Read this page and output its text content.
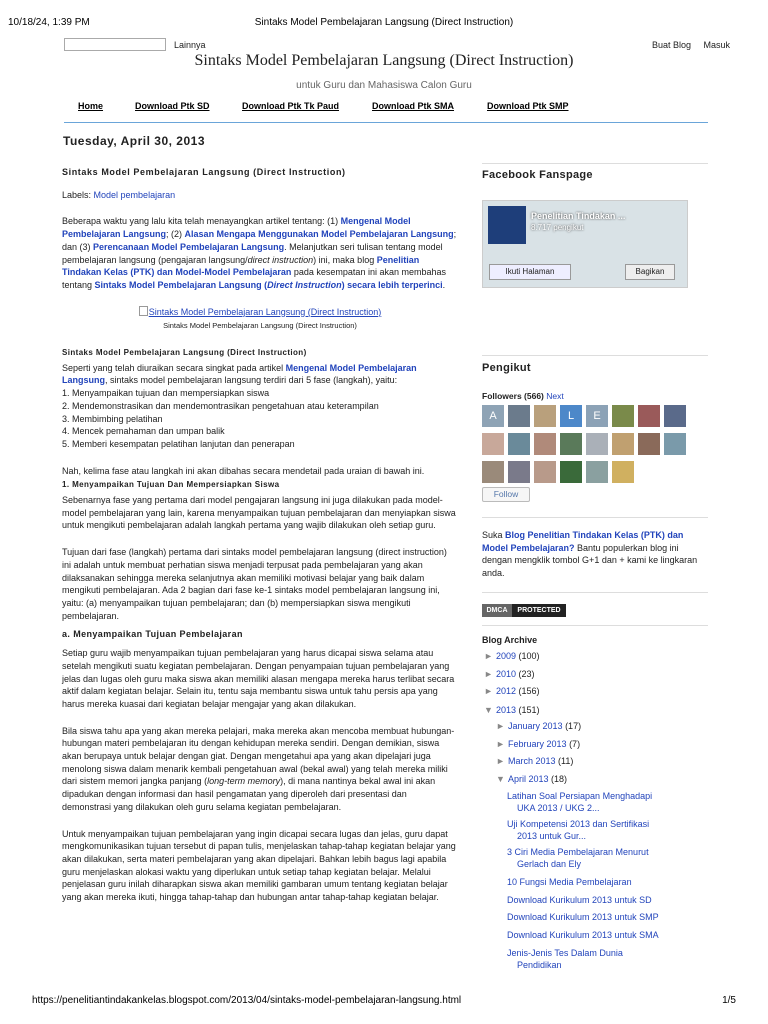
10/18/24, 1:39 PM	Sintaks Model Pembelajaran Langsung (Direct Instruction)
https://penelitiantindakankelas.blogspot.com/2013/04/sintaks-model-pembelajaran-langsung.html	1/5
Lainnya	Buat Blog Masuk
Sintaks Model Pembelajaran Langsung (Direct Instruction)
untuk Guru dan Mahasiswa Calon Guru
Home	Download Ptk SD	Download Ptk Tk Paud	Download Ptk SMA	Download Ptk SMP
Tuesday, April 30, 2013
Sintaks Model Pembelajaran Langsung (Direct Instruction)

Labels: Model pembelajaran

Beberapa waktu yang lalu kita telah menayangkan artikel tentang: (1) Mengenal Model Pembelajaran Langsung; (2) Alasan Mengapa Menggunakan Model Pembelajaran Langsung; dan (3) Perencanaan Model Pembelajaran Langsung. Melanjutkan seri tulisan tentang model pembelajaran langsung (pengajaran langsung/direct instruction) ini, maka blog Penelitian Tindakan Kelas (PTK) dan Model-Model Pembelajaran pada kesempatan ini akan membahas tentang Sintaks Model Pembelajaran Langsung (Direct Instruction) secara lebih terperinci.

Sintaks Model Pembelajaran Langsung (Direct Instruction)
Sintaks Model Pembelajaran Langsung (Direct Instruction)
Sintaks Model Pembelajaran Langsung (Direct Instruction)

Seperti yang telah diuraikan secara singkat pada artikel Mengenal Model Pembelajaran Langsung, sintaks model pembelajaran langsung terdiri dari 5 fase (langkah), yaitu:
1. Menyampaikan tujuan dan mempersiapkan siswa
2. Mendemonstrasikan dan mendemontrasikan pengetahuan atau keterampilan
3. Membimbing pelatihan
4. Mencek pemahaman dan umpan balik
5. Memberi kesempatan pelatihan lanjutan dan penerapan

Nah, kelima fase atau langkah ini akan dibahas secara mendetail pada uraian di bawah ini.

1. Menyampaikan Tujuan Dan Mempersiapkan Siswa

Sebenarnya fase yang pertama dari model pengajaran langsung ini juga dilakukan pada model-model pembelajaran yang lain, karena menyampaikan tujuan pembelajaran dan menyiapkan siswa untuk mengikuti pembelajaran adalah langkah pertama yang wajib dilakukan oleh setiap guru.

Tujuan dari fase (langkah) pertama dari sintaks model pembelajaran langsung (direct instruction) ini adalah untuk membuat perhatian siswa menjadi terpusat pada pembelajaran yang akan dilaksanakan sehingga mereka selanjutnya akan memiliki motivasi belajar yang baik dalam mengikuti pembelajaran. Ada 2 bagian dari fase ke-1 sintaks model pembelajaran langsung ini, yaitu: (a) menyampaikan tujuan pembelajaran; dan (b) mempersiapkan siswa mengikuti pembelajaran.

a. Menyampaikan Tujuan Pembelajaran

Setiap guru wajib menyampaikan tujuan pembelajaran yang harus dicapai siswa selama atau setelah mengikuti suatu kegiatan pembelajaran. Dengan penyampaian tujuan pembelajaran yang jelas dan lugas oleh guru maka siswa akan memiliki alasan mengapa mereka harus terlibat secara aktif dalam kegiatan belajar. Selain itu, tentu saja membantu siswa untuk tahu persis apa yang harus mereka kuasai dari kegiatan belajar mengajar yang akan dilakukan.

Bila siswa tahu apa yang akan mereka pelajari, maka mereka akan mencoba membuat hubungan-hubungan materi pembelajaran itu dengan kehidupan mereka sendiri. Dengan demikian, siswa akan berupaya untuk belajar dengan giat. Dengan mengetahui apa yang akan dipelajari juga menolong siswa dalam menarik kembali pengetahuan awal (bekal awal) yang telah mereka miliki dari sistem memori jangka panjang (long-term memory), di mana nantinya bekal awal ini akan dipadukan dengan informasi dan hasil pengamatan yang diperoleh dari presentasi dan demonstrasi yang dilakukan oleh guru selama kegiatan pembelajaran.

Untuk menyampaikan tujuan pembelajaran yang ingin dicapai secara lugas dan jelas, guru dapat mengkomunikasikan tujuan tersebut di papan tulis, menjelaskan tahap-tahap kegiatan belajar yang akan dilakukan, serta materi pembelajaran yang akan dipelajari. Bahkan lebih bagus lagi apabila guru menjelaskan alokasi waktu yang diperlukan untuk setiap tahap kegiatan belajar. Melalui penjelasan guru inilah diharapkan siswa akan memiliki gambaran umum tentang kegiatan belajar yang akan mereka ikuti, hingga tahap-tahap dan hubungan antar tahap-tahap kegiatan belajar.

Facebook Fanspage
Penelitian Tindakan ...
8.717 pengikut
Ikuti Halaman	Bagikan
Pengikut
Followers (566) Next
A	L	E
Follow
Suka Blog Penelitian Tindakan Kelas (PTK) dan Model Pembelajaran? Bantu populerkan blog ini dengan mengklik tombol G+1 dan + kami ke lingkaran anda.
DMCA	PROTECTED
Blog Archive
► 2009 (100)
► 2010 (23)
► 2012 (156)
▼ 2013 (151)
► January 2013 (17)
► February 2013 (7)
► March 2013 (11)
▼ April 2013 (18)
Latihan Soal Persiapan Menghadapi
UKA 2013 / UKG 2...
Uji Kompetensi 2013 dan Sertifikasi
2013 untuk Gur...
3 Ciri Media Pembelajaran Menurut
Gerlach dan Ely
10 Fungsi Media Pembelajaran
Download Kurikulum 2013 untuk SD
Download Kurikulum 2013 untuk SMP
Download Kurikulum 2013 untuk SMA
Jenis-Jenis Tes Dalam Dunia
Pendidikan
